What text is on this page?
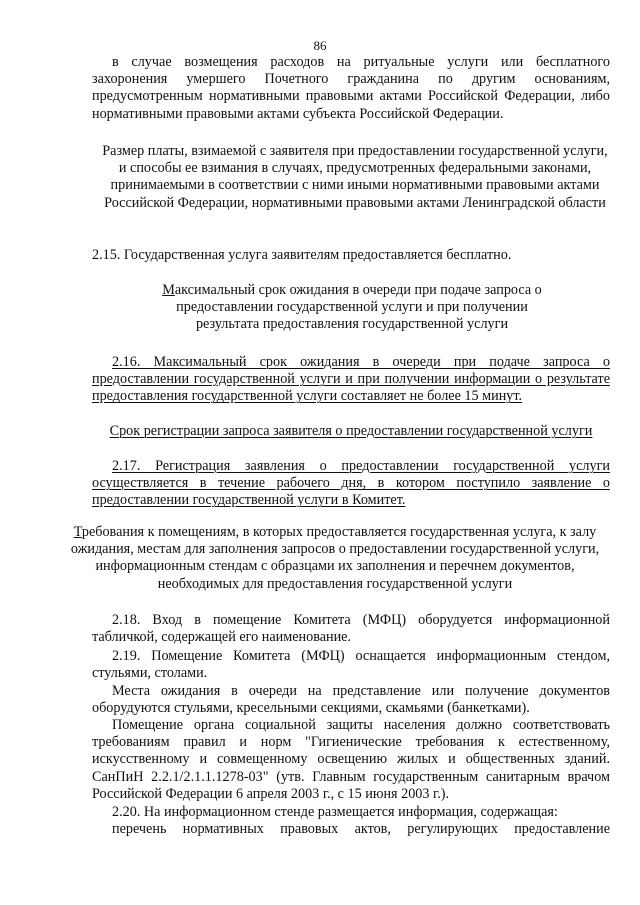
86

в случае возмещения расходов на ритуальные услуги или бесплатного захоронения умершего Почетного гражданина по другим основаниям, предусмотренным нормативными правовыми актами Российской Федерации, либо нормативными правовыми актами субъекта Российской Федерации.

Размер платы, взимаемой с заявителя при предоставлении государственной услуги, и способы ее взимания в случаях, предусмотренных федеральными законами, принимаемыми в соответствии с ними иными нормативными правовыми актами Российской Федерации, нормативными правовыми актами Ленинградской области

2.15. Государственная услуга заявителям предоставляется бесплатно.

Максимальный срок ожидания в очереди при подаче запроса о предоставлении государственной услуги и при получении результата предоставления государственной услуги

2.16. Максимальный срок ожидания в очереди при подаче запроса о предоставлении государственной услуги и при получении информации о результате предоставления государственной услуги составляет не более 15 минут.

Срок регистрации запроса заявителя о предоставлении государственной услуги

2.17. Регистрация заявления о предоставлении государственной услуги осуществляется в течение рабочего дня, в котором поступило заявление о предоставлении государственной услуги в Комитет.

Требования к помещениям, в которых предоставляется государственная услуга, к залу ожидания, местам для заполнения запросов о предоставлении государственной услуги, информационным стендам с образцами их заполнения и перечнем документов, необходимых для предоставления государственной услуги

2.18. Вход в помещение Комитета (МФЦ) оборудуется информационной табличкой, содержащей его наименование.

2.19. Помещение Комитета (МФЦ) оснащается информационным стендом, стульями, столами.

Места ожидания в очереди на представление или получение документов оборудуются стульями, кресельными секциями, скамьями (банкетками).

Помещение органа социальной защиты населения должно соответствовать требованиям правил и норм "Гигиенические требования к естественному, искусственному и совмещенному освещению жилых и общественных зданий. СанПиН 2.2.1/2.1.1.1278-03" (утв. Главным государственным санитарным врачом Российской Федерации 6 апреля 2003 г., с 15 июня 2003 г.).

2.20. На информационном стенде размещается информация, содержащая:

перечень нормативных правовых актов, регулирующих предоставление
